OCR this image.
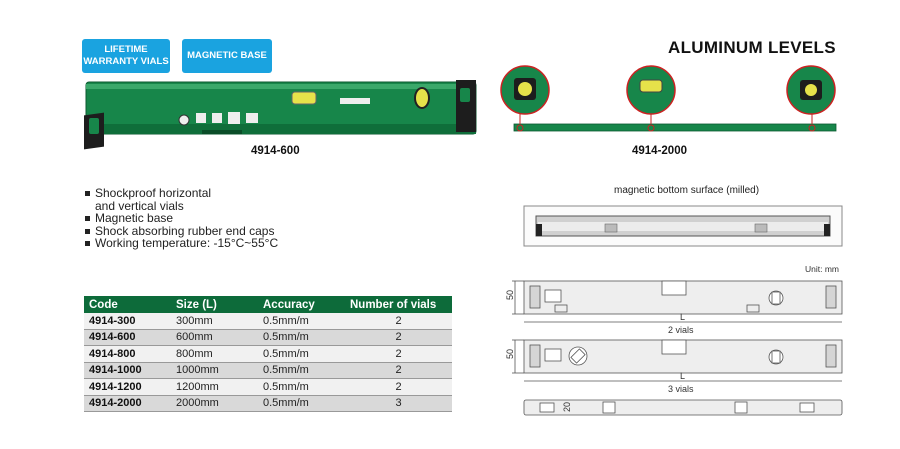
LIFETIME
WARRANTY VIALS
MAGNETIC BASE	ALUMINUM LEVELS
4914-600	4914-2000
Shockproof horizontal
and vertical vials
Magnetic base
Shock absorbing rubber end caps
Working temperature: -15°C~55°C
Code	Size (L)	Accuracy	Number of vials
4914-300	300mm	0.5mm/m	2
4914-600	600mm	0.5mm/m	2
4914-800	800mm	0.5mm/m	2
4914-1000	1000mm	0.5mm/m	2
4914-1200	1200mm	0.5mm/m	2
4914-2000	2000mm	0.5mm/m	3
magnetic bottom surface (milled)
Unit: mm
50
L
2 vials
50
L
3 vials
20
